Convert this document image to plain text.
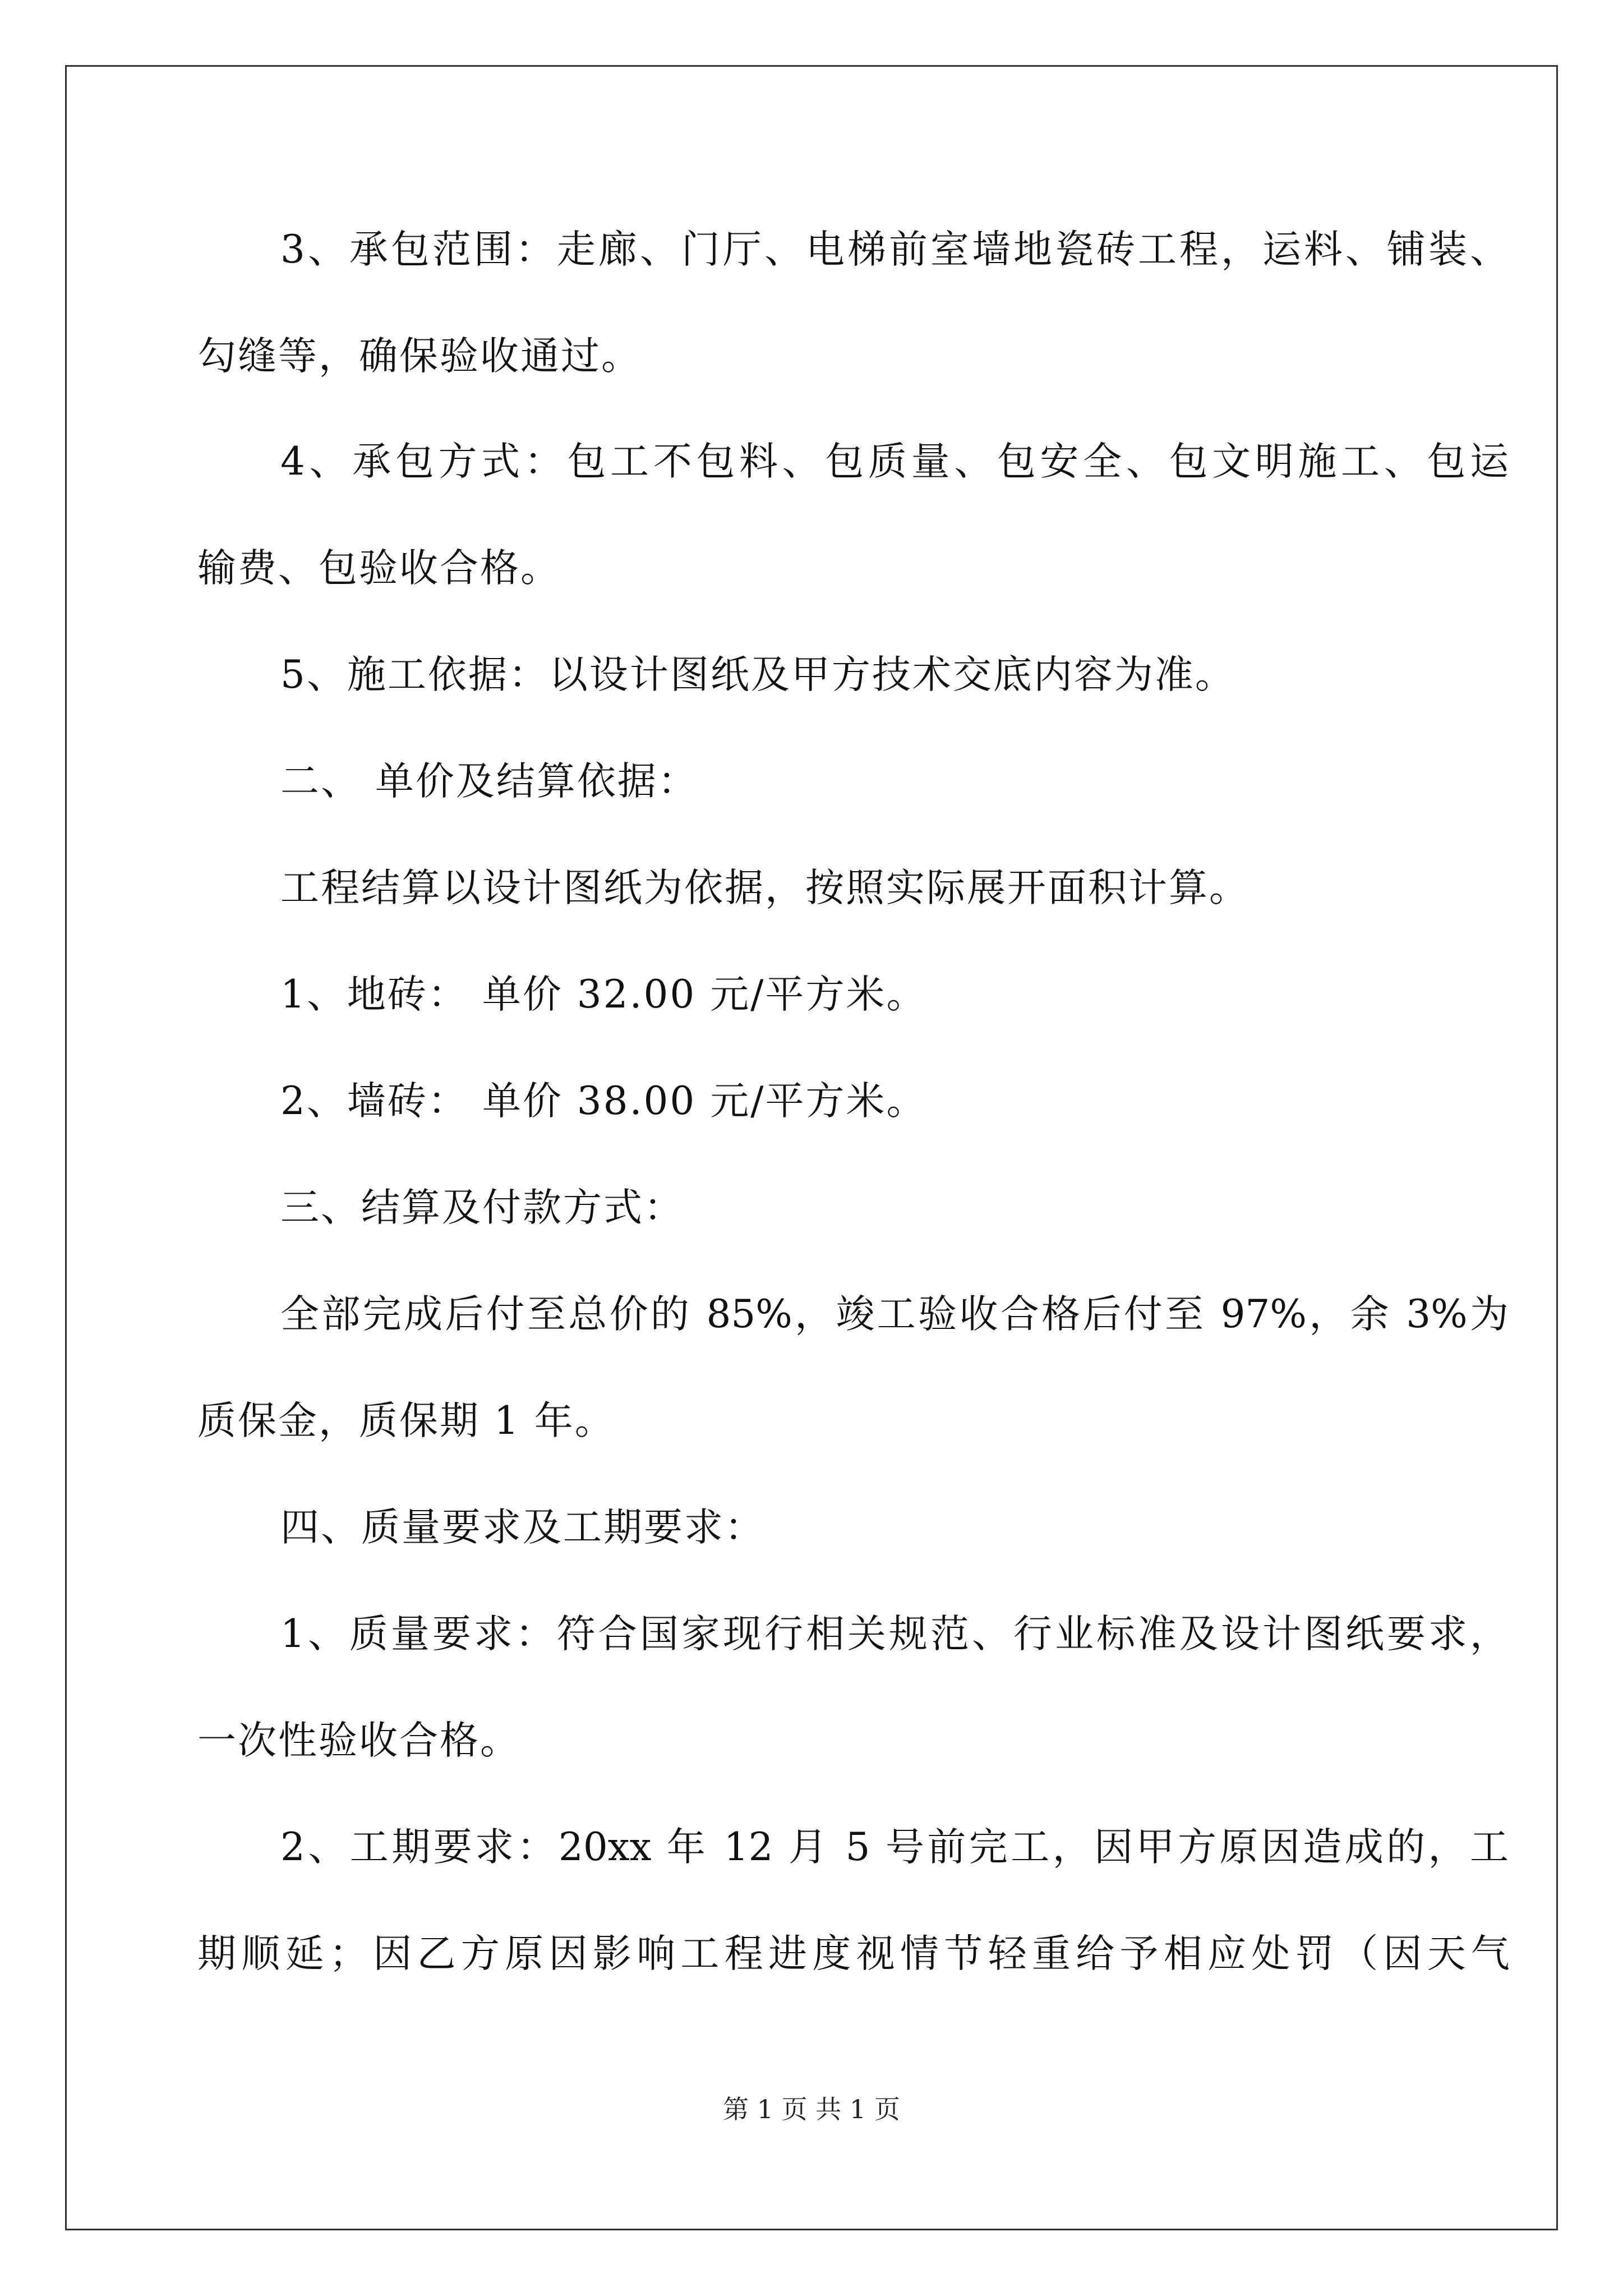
3、承包范围：走廊、门厅、电梯前室墙地瓷砖工程，运料、铺装、
勾缝等，确保验收通过。
4、承包方式：包工不包料、包质量、包安全、包文明施工、包运
输费、包验收合格。
5、施工依据：以设计图纸及甲方技术交底内容为准。
二、 单价及结算依据：
工程结算以设计图纸为依据，按照实际展开面积计算。
1、地砖： 单价 32.00 元/平方米。
2、墙砖： 单价 38.00 元/平方米。
三、结算及付款方式：
全部完成后付至总价的 85%，竣工验收合格后付至 97%，余 3%为
质保金，质保期 1 年。
四、质量要求及工期要求：
1、质量要求：符合国家现行相关规范、行业标准及设计图纸要求，
一次性验收合格。
2、工期要求：20xx 年 12 月 5 号前完工，因甲方原因造成的，工
期顺延；因乙方原因影响工程进度视情节轻重给予相应处罚（因天气
第 1 页 共 1 页
